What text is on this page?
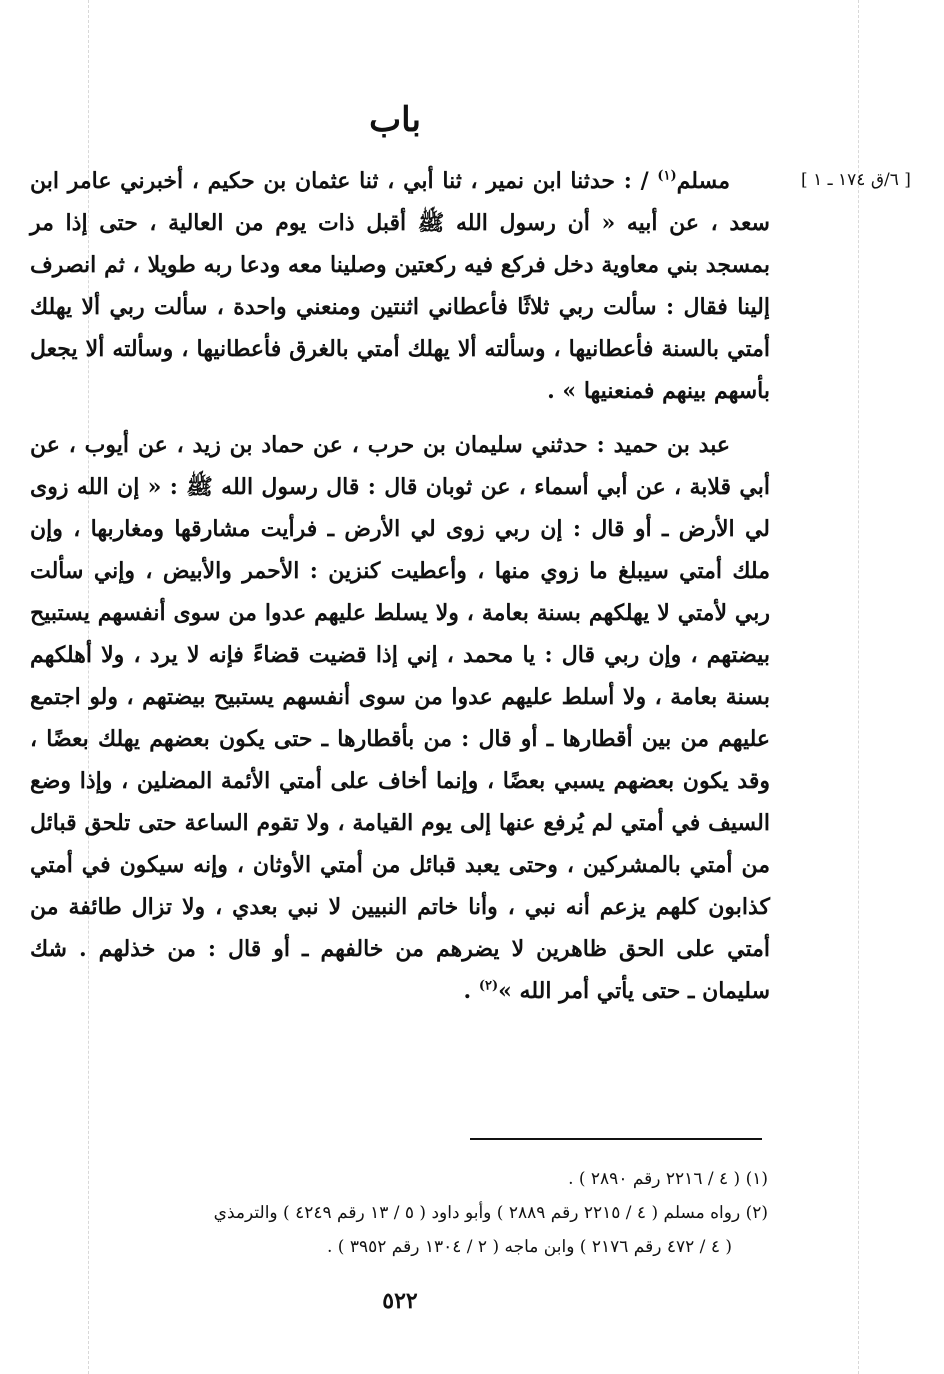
باب
[ ٦/ق ١٧٤ ـ ١ ]

مسلم$^{(١)}$ / : حدثنا ابن نمير ، ثنا أبي ، ثنا عثمان بن حكيم ، أخبرني عامر ابن سعد ، عن أبيه « أن رسول الله ﷺ أقبل ذات يوم من العالية ، حتى إذا مر بمسجد بني معاوية دخل فركع فيه ركعتين وصلينا معه ودعا ربه طويلا ، ثم انصرف إلينا فقال : سألت ربي ثلاثًا فأعطاني اثنتين ومنعني واحدة ، سألت ربي ألا يهلك أمتي بالسنة فأعطانيها ، وسألته ألا يهلك أمتي بالغرق فأعطانيها ، وسألته ألا يجعل بأسهم بينهم فمنعنيها » .

عبد بن حميد : حدثني سليمان بن حرب ، عن حماد بن زيد ، عن أيوب ، عن أبي قلابة ، عن أبي أسماء ، عن ثوبان قال : قال رسول الله ﷺ : « إن الله زوى لي الأرض ـ أو قال : إن ربي زوى لي الأرض ـ فرأيت مشارقها ومغاربها ، وإن ملك أمتي سيبلغ ما زوي منها ، وأعطيت كنزين : الأحمر والأبيض ، وإني سألت ربي لأمتي لا يهلكهم بسنة بعامة ، ولا يسلط عليهم عدوا من سوى أنفسهم يستبيح بيضتهم ، وإن ربي قال : يا محمد ، إني إذا قضيت قضاءً فإنه لا يرد ، ولا أهلكهم بسنة بعامة ، ولا أسلط عليهم عدوا من سوى أنفسهم يستبيح بيضتهم ، ولو اجتمع عليهم من بين أقطارها ـ أو قال : من بأقطارها ـ حتى يكون بعضهم يهلك بعضًا ، وقد يكون بعضهم يسبي بعضًا ، وإنما أخاف على أمتي الأئمة المضلين ، وإذا وضع السيف في أمتي لم يُرفع عنها إلى يوم القيامة ، ولا تقوم الساعة حتى تلحق قبائل من أمتي بالمشركين ، وحتى يعبد قبائل من أمتي الأوثان ، وإنه سيكون في أمتي كذابون كلهم يزعم أنه نبي ، وأنا خاتم النبيين لا نبي بعدي ، ولا تزال طائفة من أمتي على الحق ظاهرين لا يضرهم من خالفهم ـ أو قال : من خذلهم . شك سليمان ـ حتى يأتي أمر الله »$^{(٢)}$ .

(١) ( ٤ / ٢٢١٦ رقم ٢٨٩٠ ) .
(٢) رواه مسلم ( ٤ / ٢٢١٥ رقم ٢٨٨٩ ) وأبو داود ( ٥ / ١٣ رقم ٤٢٤٩ ) والترمذي
( ٤ / ٤٧٢ رقم ٢١٧٦ ) وابن ماجه ( ٢ / ١٣٠٤ رقم ٣٩٥٢ ) .
٥٢٢
